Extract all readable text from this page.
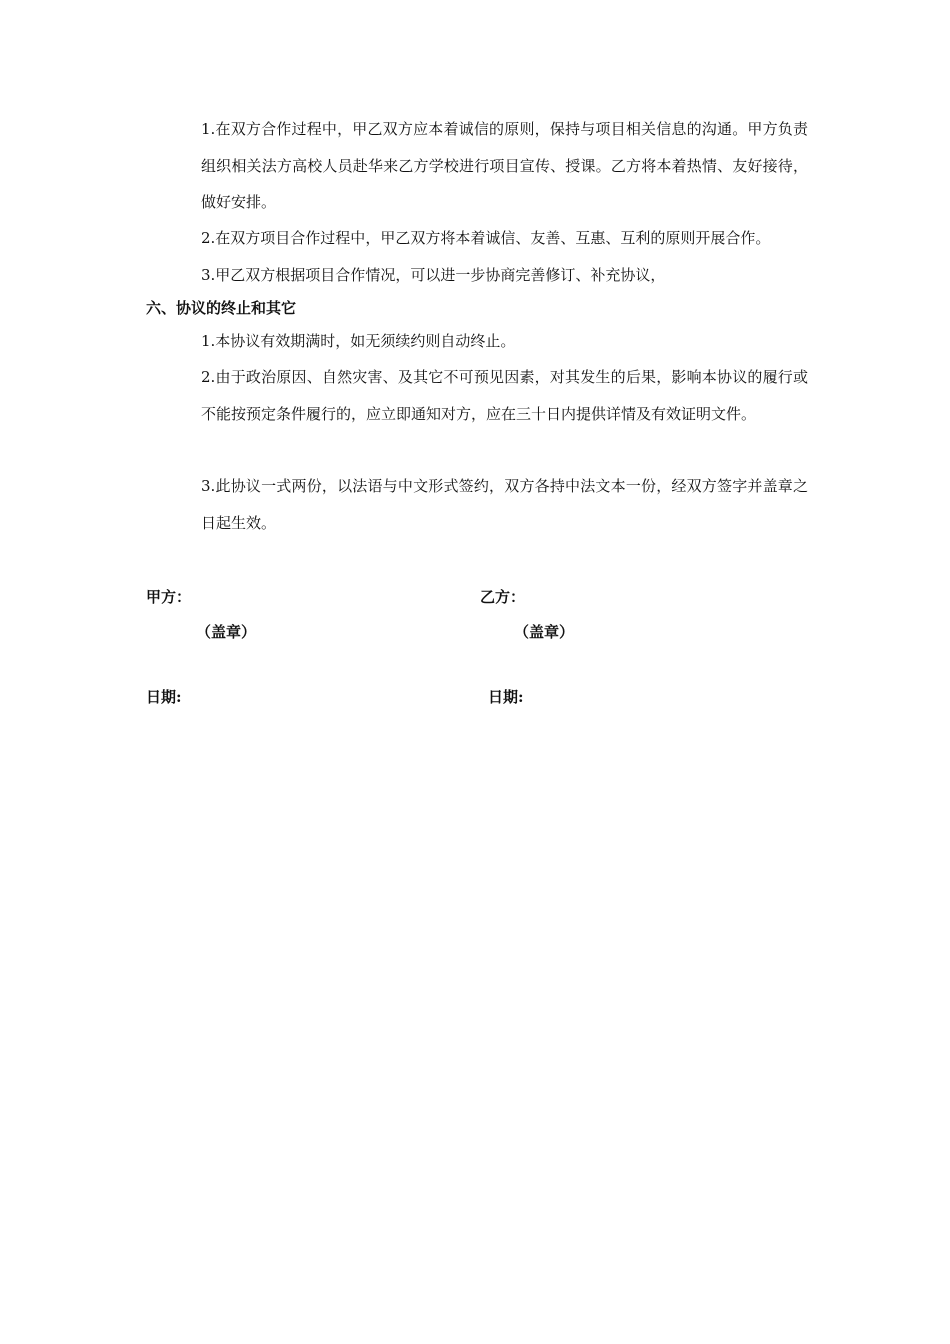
1.在双方合作过程中，甲乙双方应本着诚信的原则，保持与项目相关信息的沟通。甲方负责组织相关法方高校人员赴华来乙方学校进行项目宣传、授课。乙方将本着热情、友好接待，做好安排。

2.在双方项目合作过程中，甲乙双方将本着诚信、友善、互惠、互利的原则开展合作。

3.甲乙双方根据项目合作情况，可以进一步协商完善修订、补充协议，

六、协议的终止和其它

1.本协议有效期满时，如无须续约则自动终止。

2.由于政治原因、自然灾害、及其它不可预见因素，对其发生的后果，影响本协议的履行或不能按预定条件履行的，应立即通知对方，应在三十日内提供详情及有效证明文件。

3.此协议一式两份，以法语与中文形式签约，双方各持中法文本一份，经双方签字并盖章之日起生效。

甲方：	乙方：

（盖章）	（盖章）

日期:	日期:
